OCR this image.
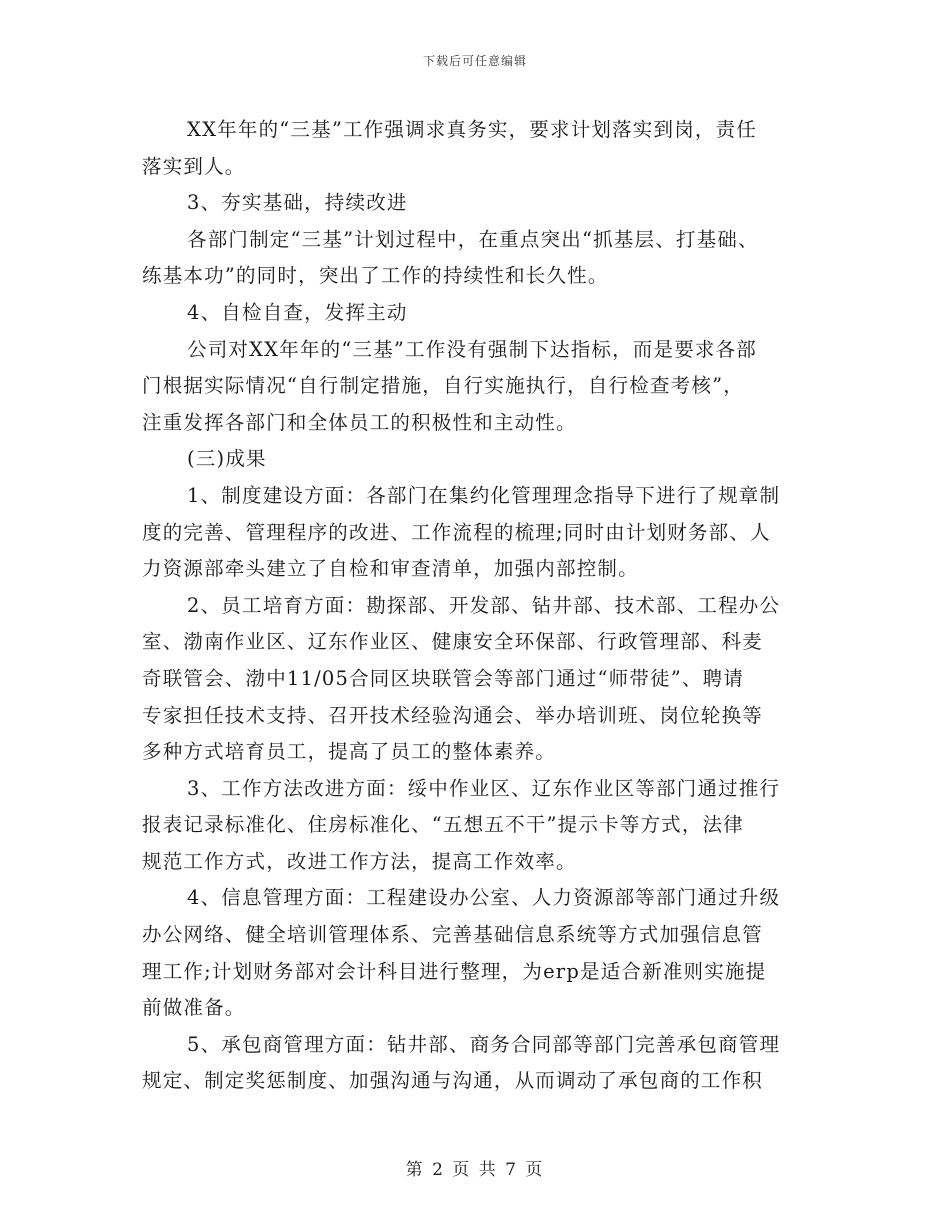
下载后可任意编辑
XX年年的“三基”工作强调求真务实，要求计划落实到岗，责任
落实到人。
3、夯实基础，持续改进
各部门制定“三基”计划过程中，在重点突出“抓基层、打基础、
练基本功”的同时，突出了工作的持续性和长久性。
4、自检自查，发挥主动
公司对XX年年的“三基”工作没有强制下达指标，而是要求各部
门根据实际情况“自行制定措施，自行实施执行，自行检查考核”，
注重发挥各部门和全体员工的积极性和主动性。
(三)成果
1、制度建设方面：各部门在集约化管理理念指导下进行了规章制
度的完善、管理程序的改进、工作流程的梳理;同时由计划财务部、人
力资源部牵头建立了自检和审查清单，加强内部控制。
2、员工培育方面：勘探部、开发部、钻井部、技术部、工程办公
室、渤南作业区、辽东作业区、健康安全环保部、行政管理部、科麦
奇联管会、渤中11/05合同区块联管会等部门通过“师带徒”、聘请
专家担任技术支持、召开技术经验沟通会、举办培训班、岗位轮换等
多种方式培育员工，提高了员工的整体素养。
3、工作方法改进方面：绥中作业区、辽东作业区等部门通过推行
报表记录标准化、住房标准化、“五想五不干”提示卡等方式，法律
规范工作方式，改进工作方法，提高工作效率。
4、信息管理方面：工程建设办公室、人力资源部等部门通过升级
办公网络、健全培训管理体系、完善基础信息系统等方式加强信息管
理工作;计划财务部对会计科目进行整理，为erp是适合新准则实施提
前做准备。
5、承包商管理方面：钻井部、商务合同部等部门完善承包商管理
规定、制定奖惩制度、加强沟通与沟通，从而调动了承包商的工作积
第 2 页 共 7 页
